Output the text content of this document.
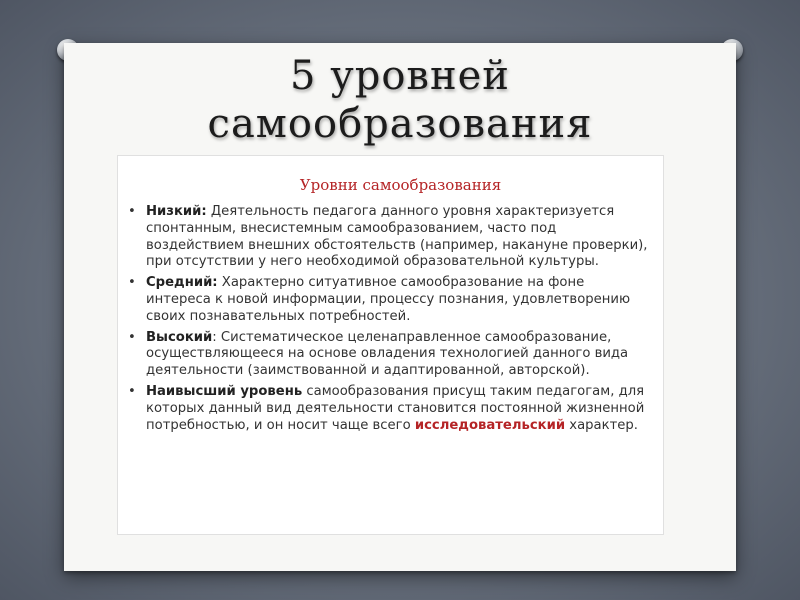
5 уровней
самообразования
Уровни самообразования
• Низкий: Деятельность педагога данного уровня характеризуется спонтанным, внесистемным самообразованием, часто под воздействием внешних обстоятельств (например, накануне проверки), при отсутствии у него необходимой образовательной культуры.
• Средний: Характерно ситуативное самообразование на фоне интереса к новой информации, процессу познания, удовлетворению своих познавательных потребностей.
• Высокий: Систематическое целенаправленное самообразование, осуществляющееся на основе овладения технологией данного вида деятельности (заимствованной и адаптированной, авторской).
• Наивысший уровень самообразования присущ таким педагогам, для которых данный вид деятельности становится постоянной жизненной потребностью, и он носит чаще всего исследовательский характер.
